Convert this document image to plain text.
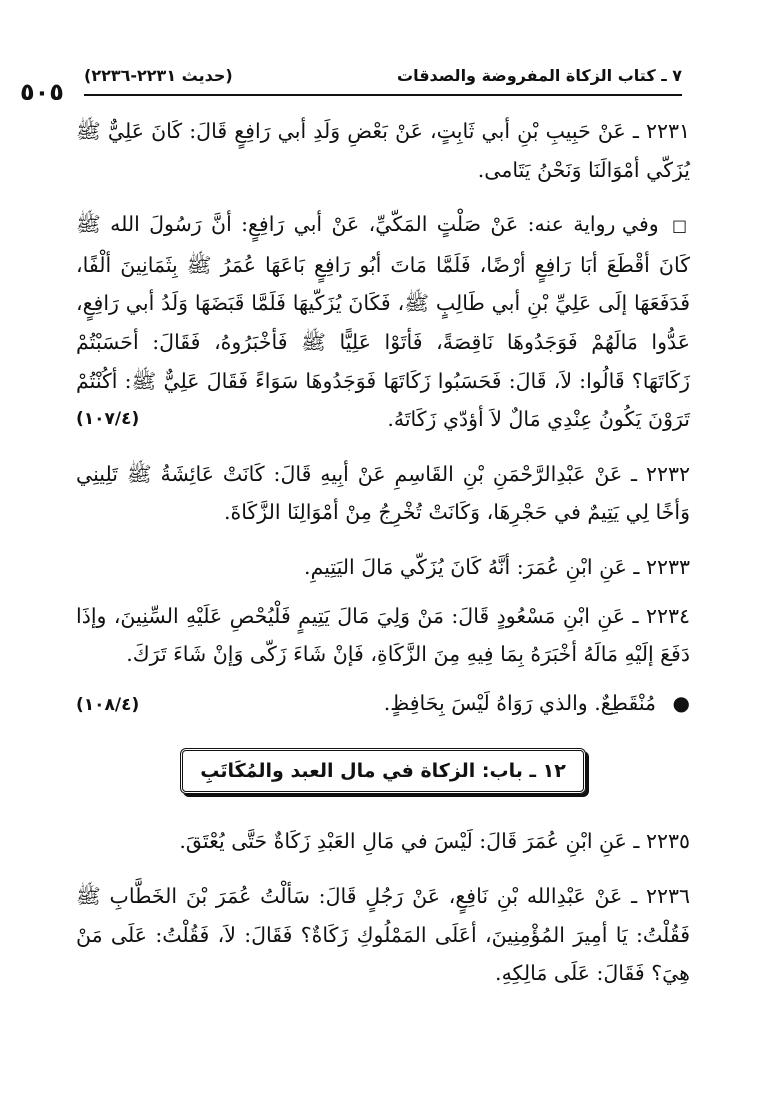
٧ ـ كتاب الزكاة المفروضة والصدقات
(حديث ٢٢٣١-٢٢٣٦)
٥٠٥

٢٢٣١ ـ عَنْ حَبِيبِ بْنِ أبي ثَابِتٍ، عَنْ بَعْضِ وَلَدِ أبي رَافِعٍ قَالَ: كَانَ عَلِيٌّ ﷺ يُزَكّي أمْوَالَنَا وَنَحْنُ يَتَامى.

□ وفي رواية عنه: عَنْ صَلْتٍ المَكّيِّ، عَنْ أبي رَافِعٍ: أنَّ رَسُولَ الله ﷺ كَانَ أقْطَعَ أبَا رَافِعٍ أرْضًا، فَلَمَّا مَاتَ أبُو رَافِعٍ بَاعَهَا عُمَرُ ﷺ بِثَمَانِينَ ألْفًا، فَدَفَعَهَا إلَى عَلِيِّ بْنِ أبي طَالِبٍ ﷺ، فَكَانَ يُزَكّيهَا فَلَمَّا قَبَضَهَا وَلَدُ أبي رَافِعٍ، عَدُّوا مَالَهُمْ فَوَجَدُوهَا نَاقِصَةً، فَأتَوْا عَلِيًّا ﷺ فَأخْبَرُوهُ، فَقَالَ: أحَسَبْتُمْ زَكَاتَهَا؟ قَالُوا: لاَ، قَالَ: فَحَسَبُوا زَكَاتَهَا فَوَجَدُوهَا سَوَاءً فَقَالَ عَلِيٌّ ﷺ: أكُنْتُمْ تَرَوْنَ يَكُونُ عِنْدِي مَالٌ لاَ أؤدّي زَكَاتَهُ.
(١٠٧/٤)

٢٢٣٢ ـ عَنْ عَبْدِالرَّحْمَنِ بْنِ القَاسِمِ عَنْ أبِيهِ قَالَ: كَانَتْ عَائِشَةُ ﷺ تَلِينِي وَأخًا لِي يَتِيمٌ في حَجْرِهَا، وَكَانَتْ تُخْرِجُ مِنْ أمْوَالِنَا الزَّكَاةَ.

٢٢٣٣ ـ عَنِ ابْنِ عُمَرَ: أنَّهُ كَانَ يُزَكّي مَالَ اليَتِيمِ.

٢٢٣٤ ـ عَنِ ابْنِ مَسْعُودٍ قَالَ: مَنْ وَلِيَ مَالَ يَتِيمٍ فَلْيُحْصِ عَلَيْهِ السِّنِينَ، وإذَا دَفَعَ إلَيْهِ مَالَهُ أخْبَرَهُ بِمَا فِيهِ مِنَ الزَّكَاةِ، فَإنْ شَاءَ زَكّى وَإنْ شَاءَ تَرَكَ.

● مُنْقَطِعٌ. والذي رَوَاهُ لَيْسَ بِحَافِظٍ.
(١٠٨/٤)
١٢ ـ باب: الزكاة في مال العبد والمُكَاتَبِ

٢٢٣٥ ـ عَنِ ابْنِ عُمَرَ قَالَ: لَيْسَ في مَالِ العَبْدِ زَكَاةٌ حَتَّى يُعْتَقَ.

٢٢٣٦ ـ عَنْ عَبْدِالله بْنِ نَافِعٍ، عَنْ رَجُلٍ قَالَ: سَألْتُ عُمَرَ بْنَ الخَطَّابِ ﷺ فَقُلْتُ: يَا أمِيرَ المُؤْمِنِينَ، أعَلَى المَمْلُوكِ زَكَاةٌ؟ فَقَالَ: لاَ، فَقُلْتُ: عَلَى مَنْ هِيَ؟ فَقَالَ: عَلَى مَالِكِهِ.
